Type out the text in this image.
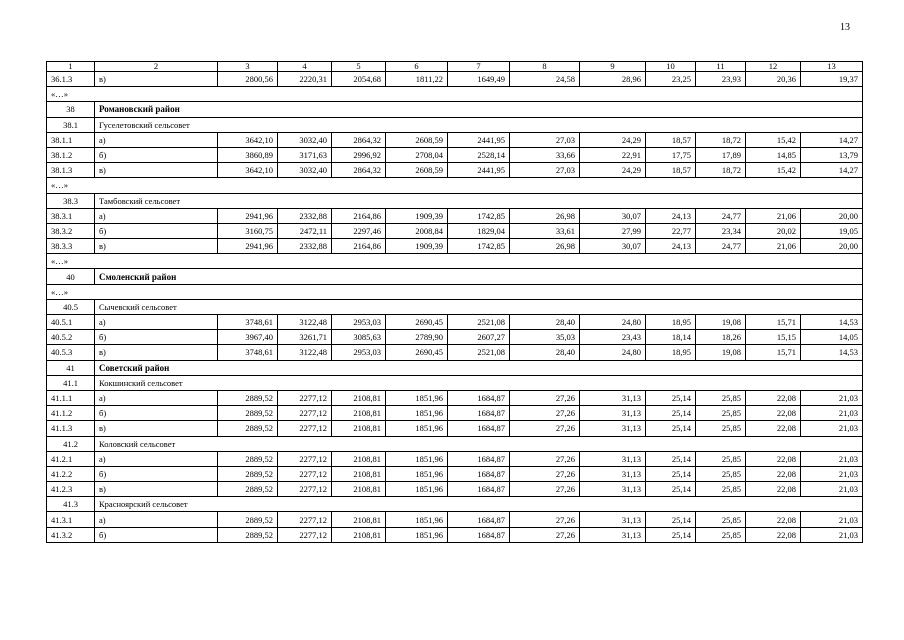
13
1	2	3	4	5	6	7	8	9	10	11	12	13
36.1.3	в)	2800,56	2220,31	2054,68	1811,22	1649,49	24,58	28,96	23,25	23,93	20,36	19,37
«…»												
38	Романовский район											
38.1	Гуселетовский сельсовет											
38.1.1	а)	3642,10	3032,40	2864,32	2608,59	2441,95	27,03	24,29	18,57	18,72	15,42	14,27
38.1.2	б)	3860,89	3171,63	2996,92	2708,04	2528,14	33,66	22,91	17,75	17,89	14,85	13,79
38.1.3	в)	3642,10	3032,40	2864,32	2608,59	2441,95	27,03	24,29	18,57	18,72	15,42	14,27
«…»												
38.3	Тамбовский сельсовет											
38.3.1	а)	2941,96	2332,88	2164,86	1909,39	1742,85	26,98	30,07	24,13	24,77	21,06	20,00
38.3.2	б)	3160,75	2472,11	2297,46	2008,84	1829,04	33,61	27,99	22,77	23,34	20,02	19,05
38.3.3	в)	2941,96	2332,88	2164,86	1909,39	1742,85	26,98	30,07	24,13	24,77	21,06	20,00
«…»												
40	Смоленский район											
«…»												
40.5	Сычевский сельсовет											
40.5.1	а)	3748,61	3122,48	2953,03	2690,45	2521,08	28,40	24,80	18,95	19,08	15,71	14,53
40.5.2	б)	3967,40	3261,71	3085,63	2789,90	2607,27	35,03	23,43	18,14	18,26	15,15	14,05
40.5.3	в)	3748,61	3122,48	2953,03	2690,45	2521,08	28,40	24,80	18,95	19,08	15,71	14,53
41	Советский район											
41.1	Кокшинский сельсовет											
41.1.1	а)	2889,52	2277,12	2108,81	1851,96	1684,87	27,26	31,13	25,14	25,85	22,08	21,03
41.1.2	б)	2889,52	2277,12	2108,81	1851,96	1684,87	27,26	31,13	25,14	25,85	22,08	21,03
41.1.3	в)	2889,52	2277,12	2108,81	1851,96	1684,87	27,26	31,13	25,14	25,85	22,08	21,03
41.2	Коловский сельсовет											
41.2.1	а)	2889,52	2277,12	2108,81	1851,96	1684,87	27,26	31,13	25,14	25,85	22,08	21,03
41.2.2	б)	2889,52	2277,12	2108,81	1851,96	1684,87	27,26	31,13	25,14	25,85	22,08	21,03
41.2.3	в)	2889,52	2277,12	2108,81	1851,96	1684,87	27,26	31,13	25,14	25,85	22,08	21,03
41.3	Красноярский сельсовет											
41.3.1	а)	2889,52	2277,12	2108,81	1851,96	1684,87	27,26	31,13	25,14	25,85	22,08	21,03
41.3.2	б)	2889,52	2277,12	2108,81	1851,96	1684,87	27,26	31,13	25,14	25,85	22,08	21,03
